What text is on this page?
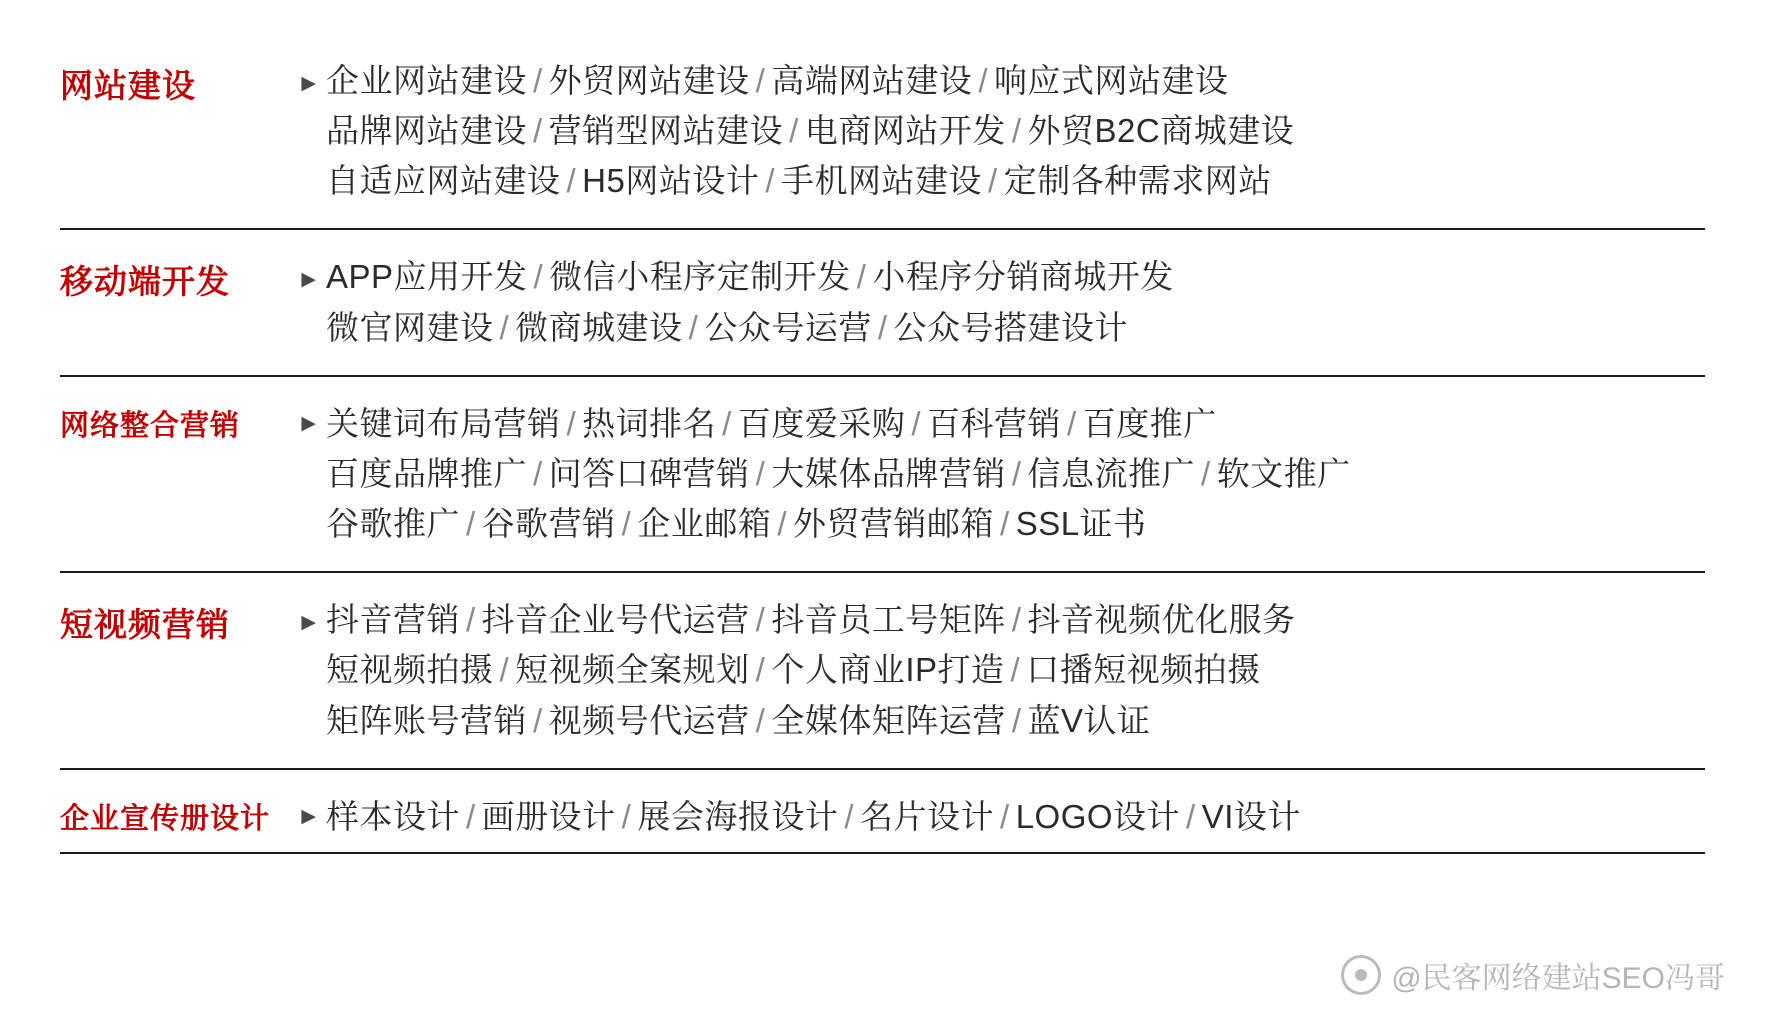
网站建设	▶ 企业网站建设 / 外贸网站建设 / 高端网站建设 / 响应式网站建设
品牌网站建设 / 营销型网站建设 / 电商网站开发 / 外贸B2C商城建设
自适应网站建设 / H5网站设计 / 手机网站建设 / 定制各种需求网站
移动端开发	▶ APP应用开发 / 微信小程序定制开发 / 小程序分销商城开发
微官网建设 / 微商城建设 / 公众号运营 / 公众号搭建设计
网络整合营销	▶ 关键词布局营销 / 热词排名 / 百度爱采购 / 百科营销 / 百度推广
百度品牌推广 / 问答口碑营销 / 大媒体品牌营销 / 信息流推广 / 软文推广
谷歌推广 / 谷歌营销 / 企业邮箱 / 外贸营销邮箱 / SSL证书
短视频营销	▶ 抖音营销 / 抖音企业号代运营 / 抖音员工号矩阵 / 抖音视频优化服务
短视频拍摄 / 短视频全案规划 / 个人商业IP打造 / 口播短视频拍摄
矩阵账号营销 / 视频号代运营 / 全媒体矩阵运营 / 蓝V认证
企业宣传册设计 ▶ 样本设计 / 画册设计 / 展会海报设计 / 名片设计 / LOGO设计 / VI设计
@民客网络建站SEO冯哥
